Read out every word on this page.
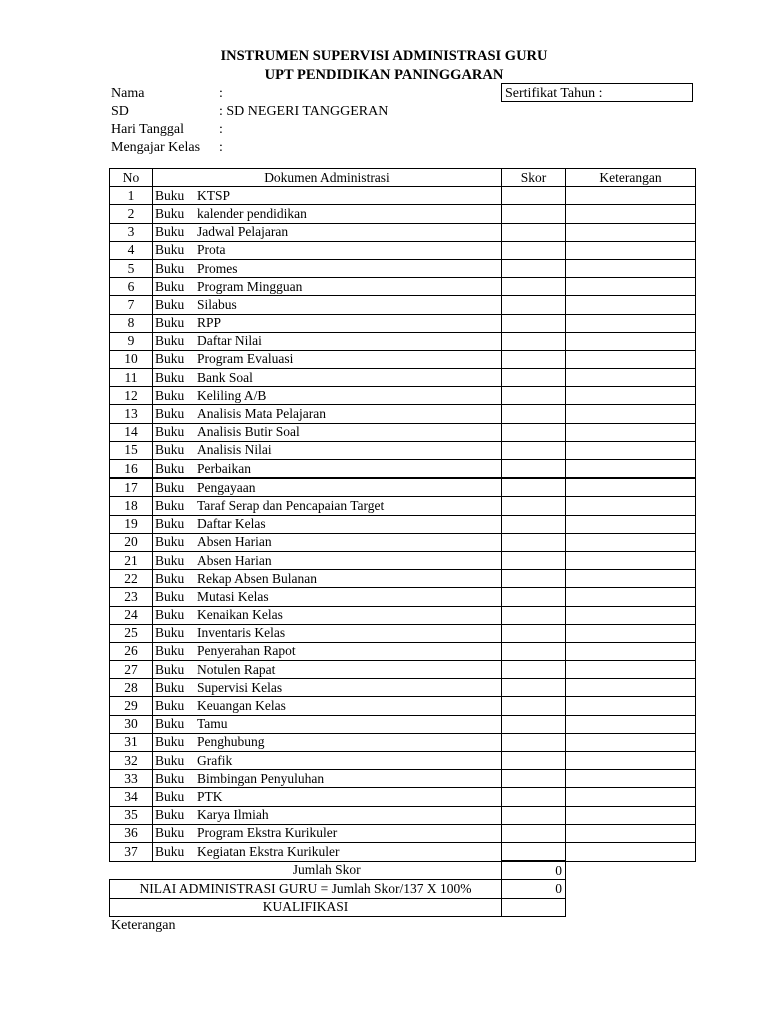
INSTRUMEN SUPERVISI ADMINISTRASI GURU
UPT PENDIDIKAN PANINGGARAN
Nama	:
SD	: SD NEGERI TANGGERAN
Hari Tanggal :
Mengajar Kelas :
Sertifikat Tahun :
No	Dokumen Administrasi	Skor	Keterangan
1	Buku KTSP		
2	Buku kalender pendidikan		
3	Buku Jadwal Pelajaran		
4	Buku Prota		
5	Buku Promes		
6	Buku Program Mingguan		
7	Buku Silabus		
8	Buku RPP		
9	Buku Daftar Nilai		
10	Buku Program Evaluasi		
11	Buku Bank Soal		
12	Buku Keliling A/B		
13	Buku Analisis Mata Pelajaran		
14	Buku Analisis Butir Soal		
15	Buku Analisis Nilai		
16	Buku Perbaikan		
17	Buku Pengayaan		
18	Buku Taraf Serap dan Pencapaian Target		
19	Buku Daftar Kelas		
20	Buku Absen Harian		
21	Buku Absen Harian		
22	Buku Rekap Absen Bulanan		
23	Buku Mutasi Kelas		
24	Buku Kenaikan Kelas		
25	Buku Inventaris Kelas		
26	Buku Penyerahan Rapot		
27	Buku Notulen Rapat		
28	Buku Supervisi Kelas		
29	Buku Keuangan Kelas		
30	Buku Tamu		
31	Buku Penghubung		
32	Buku Grafik		
33	Buku Bimbingan Penyuluhan		
34	Buku PTK		
35	Buku Karya Ilmiah		
36	Buku Program Ekstra Kurikuler		
37	Buku Kegiatan Ekstra Kurikuler		
	Jumlah Skor	0	
NILAI ADMINISTRASI GURU = Jumlah Skor/137 X 100%		0	
KUALIFIKASI			
Keterangan
